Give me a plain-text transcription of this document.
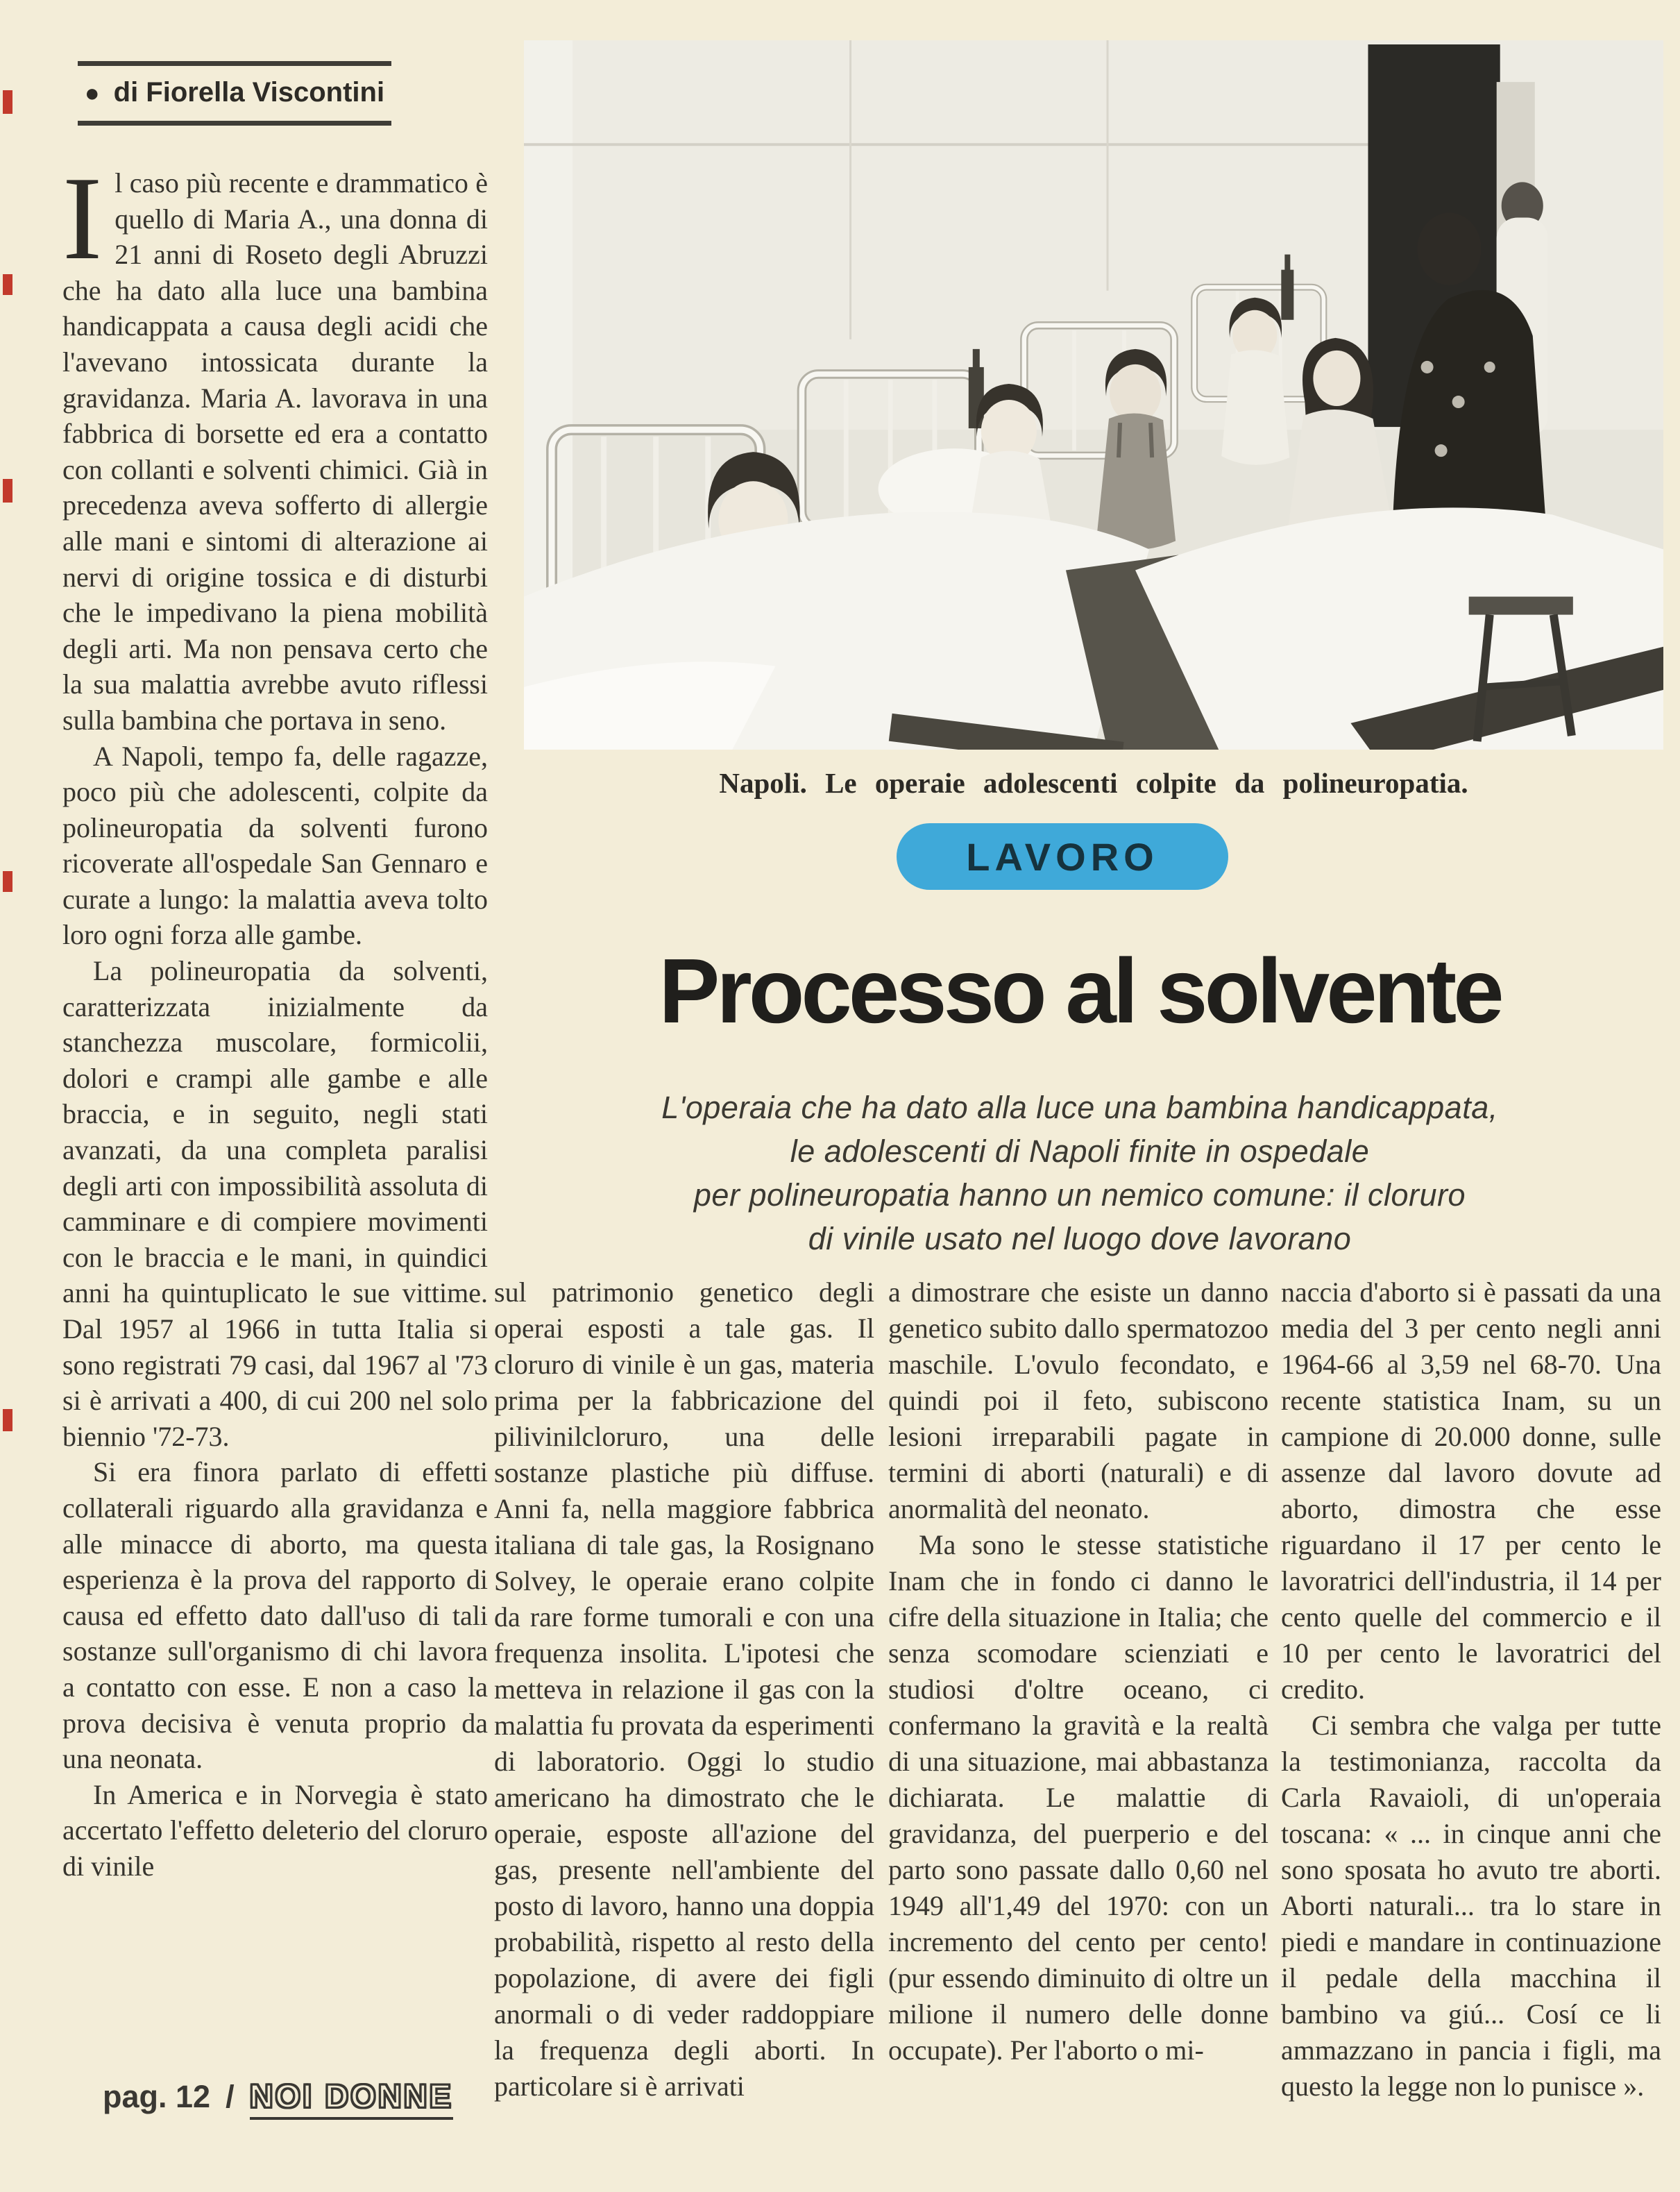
● di Fiorella Viscontini

Il caso più recente e drammatico è quello di Maria A., una donna di 21 anni di Roseto degli Abruzzi che ha dato alla luce una bambina handicappata a causa degli acidi che l'avevano intossicata durante la gravidanza. Maria A. lavorava in una fabbrica di borsette ed era a contatto con collanti e solventi chimici. Già in precedenza aveva sofferto di allergie alle mani e sintomi di alterazione ai nervi di origine tossica e di disturbi che le impedivano la piena mobilità degli arti. Ma non pensava certo che la sua malattia avrebbe avuto riflessi sulla bambina che portava in seno.

A Napoli, tempo fa, delle ragazze, poco più che adolescenti, colpite da polineuropatia da solventi furono ricoverate all'ospedale San Gennaro e curate a lungo: la malattia aveva tolto loro ogni forza alle gambe.

La polineuropatia da solventi, caratterizzata inizialmente da stanchezza muscolare, formicolii, dolori e crampi alle gambe e alle braccia, e in seguito, negli stati avanzati, da una completa paralisi degli arti con impossibilità assoluta di camminare e di compiere movimenti con le braccia e le mani, in quindici anni ha quintuplicato le sue vittime. Dal 1957 al 1966 in tutta Italia si sono registrati 79 casi, dal 1967 al '73 si è arrivati a 400, di cui 200 nel solo biennio '72-73.

Si era finora parlato di effetti collaterali riguardo alla gravidanza e alle minacce di aborto, ma questa esperienza è la prova del rapporto di causa ed effetto dato dall'uso di tali sostanze sull'organismo di chi lavora a contatto con esse. E non a caso la prova decisiva è venuta proprio da una neonata.

In America e in Norvegia è stato accertato l'effetto deleterio del cloruro di vinile

Napoli. Le operaie adolescenti colpite da polineuropatia.
LAVORO
Processo al solvente
L'operaia che ha dato alla luce una bambina handicappata,
le adolescenti di Napoli finite in ospedale
per polineuropatia hanno un nemico comune: il cloruro
di vinile usato nel luogo dove lavorano

sul patrimonio genetico degli operai esposti a tale gas. Il cloruro di vinile è un gas, materia prima per la fabbricazione del pilivinilcloruro, una delle sostanze plastiche più diffuse. Anni fa, nella maggiore fabbrica italiana di tale gas, la Rosignano Solvey, le operaie erano colpite da rare forme tumorali e con una frequenza insolita. L'ipotesi che metteva in relazione il gas con la malattia fu provata da esperimenti di laboratorio. Oggi lo studio americano ha dimostrato che le operaie, esposte all'azione del gas, presente nell'ambiente del posto di lavoro, hanno una doppia probabilità, rispetto al resto della popolazione, di avere dei figli anormali o di veder raddoppiare la frequenza degli aborti. In particolare si è arrivati

a dimostrare che esiste un danno genetico subito dallo spermatozoo maschile. L'ovulo fecondato, e quindi poi il feto, subiscono lesioni irreparabili pagate in termini di aborti (naturali) e di anormalità del neonato.

Ma sono le stesse statistiche Inam che in fondo ci danno le cifre della situazione in Italia; che senza scomodare scienziati e studiosi d'oltre oceano, ci confermano la gravità e la realtà di una situazione, mai abbastanza dichiarata. Le malattie di gravidanza, del puerperio e del parto sono passate dallo 0,60 nel 1949 all'1,49 del 1970: con un incremento del cento per cento! (pur essendo diminuito di oltre un milione il numero delle donne occupate). Per l'aborto o mi-

naccia d'aborto si è passati da una media del 3 per cento negli anni 1964-66 al 3,59 nel 68-70. Una recente statistica Inam, su un campione di 20.000 donne, sulle assenze dal lavoro dovute ad aborto, dimostra che esse riguardano il 17 per cento le lavoratrici dell'industria, il 14 per cento quelle del commercio e il 10 per cento le lavoratrici del credito.

Ci sembra che valga per tutte la testimonianza, raccolta da Carla Ravaioli, di un'operaia toscana: « ... in cinque anni che sono sposata ho avuto tre aborti. Aborti naturali... tra lo stare in piedi e mandare in continuazione il pedale della macchina il bambino va giú... Cosí ce li ammazzano in pancia i figli, ma questo la legge non lo punisce ».

pag. 12 / NOI DONNE
